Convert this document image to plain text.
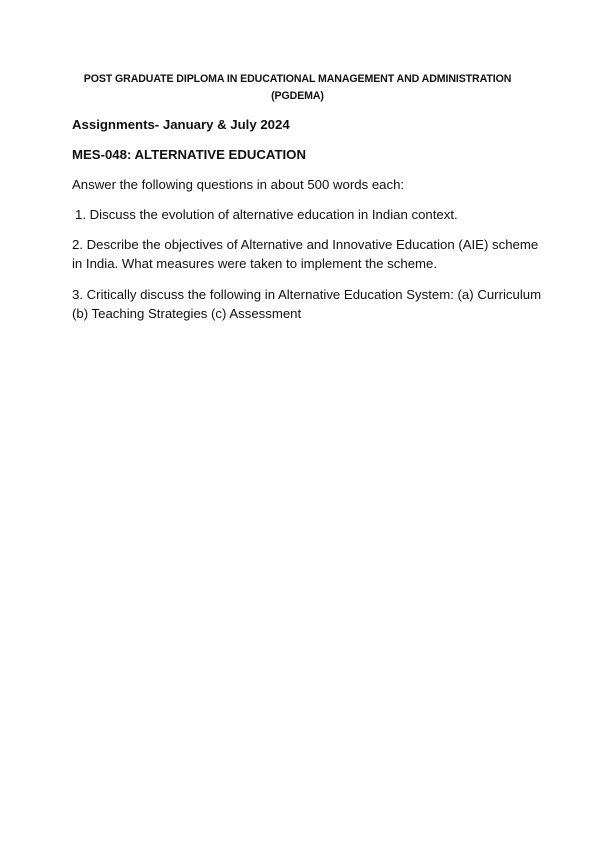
POST GRADUATE DIPLOMA IN EDUCATIONAL MANAGEMENT AND ADMINISTRATION
(PGDEMA)
Assignments- January & July 2024
MES-048: ALTERNATIVE EDUCATION
Answer the following questions in about 500 words each:
1. Discuss the evolution of alternative education in Indian context.
2. Describe the objectives of Alternative and Innovative Education (AIE) scheme
in India. What measures were taken to implement the scheme.
3. Critically discuss the following in Alternative Education System: (a) Curriculum
(b) Teaching Strategies (c) Assessment
